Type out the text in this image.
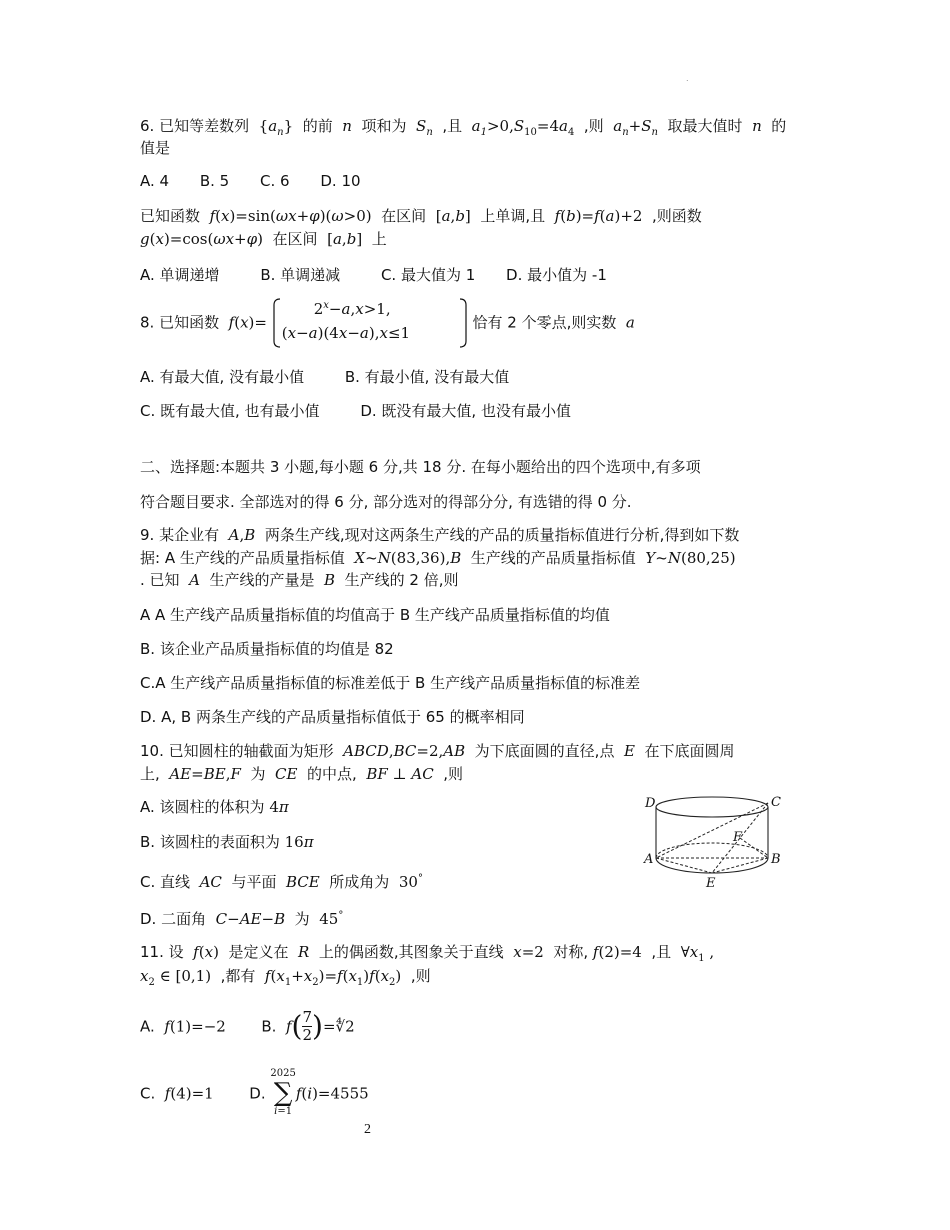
.
6. 已知等差数列  $\{a_n\}$  的前  n  项和为  $S_n$ ,且  $a_1>0,S_{10}=4a_4$ ,则  $a_n+S_n$ 取最大值时  n  的
值是
A. 4 B. 5 C. 6 D. 10
已知函数  f(x)=sin(ωx+φ)(ω>0)  在区间  [a,b]  上单调,且  f(b)=f(a)+2  ,则函数
g(x)=cos(ωx+φ)  在区间  [a,b]  上
A. 单调递增	B. 单调递减	C. 最大值为 1 D. 最小值为 -1
8. 已知函数  f(x)=
$2^x-a,x>1$,
(x−a)(4x−a),x≤1
恰有 2 个零点,则实数  a
A. 有最大值, 没有最小值	B. 有最小值, 没有最大值
C. 既有最大值, 也有最小值	D. 既没有最大值, 也没有最小值
二、选择题:本题共 3 小题,每小题 6 分,共 18 分. 在每小题给出的四个选项中,有多项
符合题目要求. 全部选对的得 6 分, 部分选对的得部分分, 有选错的得 0 分.
9. 某企业有  A,B  两条生产线,现对这两条生产线的产品的质量指标值进行分析,得到如下数
据: A 生产线的产品质量指标值  X~N(83,36),B  生产线的产品质量指标值  Y~N(80,25)
. 已知  A  生产线的产量是  B  生产线的 2 倍,则
A A 生产线产品质量指标值的均值高于 B 生产线产品质量指标值的均值
B. 该企业产品质量指标值的均值是 82
C.A 生产线产品质量指标值的标准差低于 B 生产线产品质量指标值的标准差
D. A, B 两条生产线的产品质量指标值低于 65 的概率相同
10. 已知圆柱的轴截面为矩形  ABCD,BC=2,AB  为下底面圆的直径,点  E  在下底面圆周
上,  AE=BE,F  为  CE  的中点,  BF ⊥ AC  ,则
A. 该圆柱的体积为 4π
B. 该圆柱的表面积为 16π
C. 直线  AC  与平面  BCE  所成角为  30°
D. 二面角  C−AE−B  为  45°
D	C
F
A	B
E
11. 设  f(x)  是定义在  R  上的偶函数,其图象关于直线  x=2  对称, f(2)=4  ,且  $\forall x_1$ ,
$x_2$ ∈ [0,1)  ,都有  $f(x_1+x_2)=f(x_1)f(x_2)$  ,则
A.  f(1)=−2 B.  $f( \frac{7}{2}$ )=∜2
C.  f(4)=1 D.
2025
∑
i=1
f(i)=4555
2
